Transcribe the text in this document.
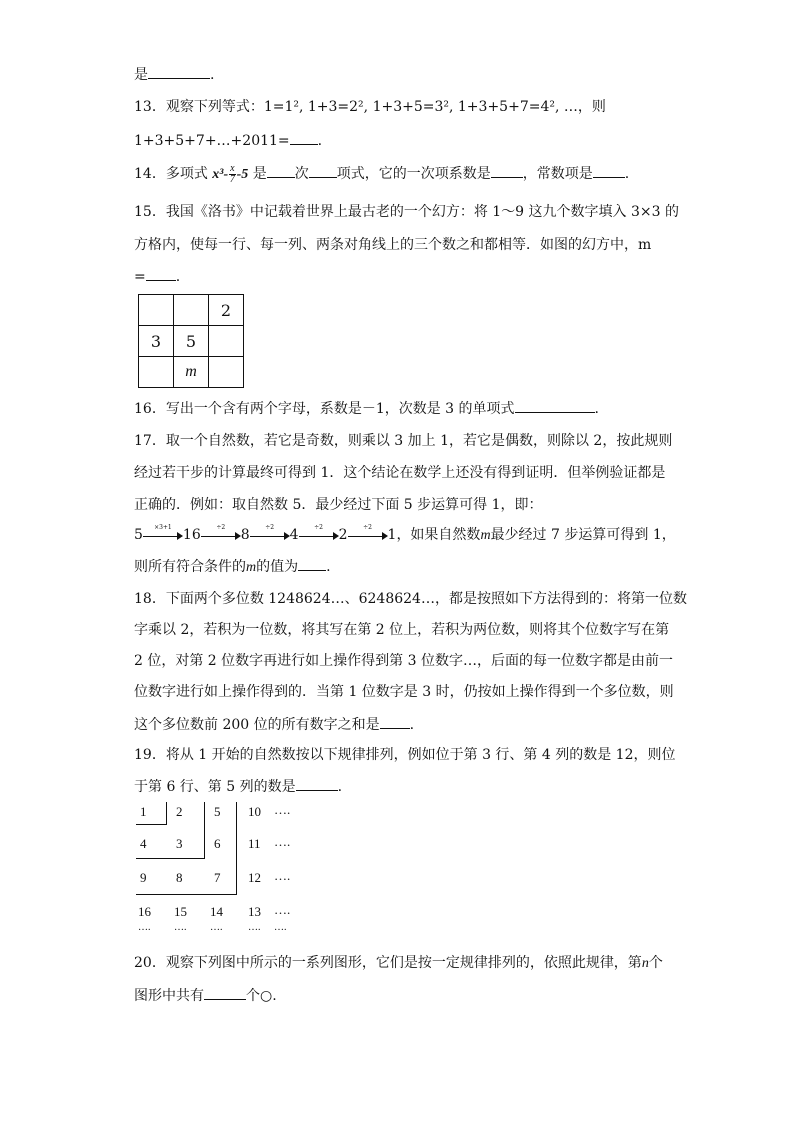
是	.
13．观察下列等式：1=1², 1+3=2², 1+3+5=3², 1+3+5+7=4², …，则
1+3+5+7+…+2011= .
14．多项式 $x^3- \frac{x}{7} -5$ 是 次 项式，它的一次项系数是 ，常数项是 .
15．我国《洛书》中记载着世界上最古老的一个幻方：将 1～9 这九个数字填入 3×3 的
方格内，使每一行、每一列、两条对角线上的三个数之和都相等．如图的幻方中，m
= .
		2
3	5	
	m	
16．写出一个含有两个字母，系数是－1，次数是 3 的单项式	.
17．取一个自然数，若它是奇数，则乘以 3 加上 1，若它是偶数，则除以 2，按此规则
经过若干步的计算最终可得到 1．这个结论在数学上还没有得到证明．但举例验证都是
正确的．例如：取自然数 5．最少经过下面 5 步运算可得 1，即：
5	×3+1 16	÷2	8	÷2	4	÷2	2	÷2	1，如果自然数m最少经过 7 步运算可得到 1，
则所有符合条件的m的值为 .
18．下面两个多位数 1248624…、6248624…，都是按照如下方法得到的：将第一位数
字乘以 2，若积为一位数，将其写在第 2 位上，若积为两位数，则将其个位数字写在第
2 位，对第 2 位数字再进行如上操作得到第 3 位数字…，后面的每一位数字都是由前一
位数字进行如上操作得到的．当第 1 位数字是 3 时，仍按如上操作得到一个多位数，则
这个多位数前 200 位的所有数字之和是 .
19．将从 1 开始的自然数按以下规律排列，例如位于第 3 行、第 4 列的数是 12，则位
于第 6 行、第 5 列的数是	.
1 2 5 10 ….
4 3 6 11 ….
9 8 7 12 ….
16 15 14 13 ….
…. …. ….	…. ….
20．观察下列图中所示的一系列图形，它们是按一定规律排列的，依照此规律，第n个
图形中共有	个○.
